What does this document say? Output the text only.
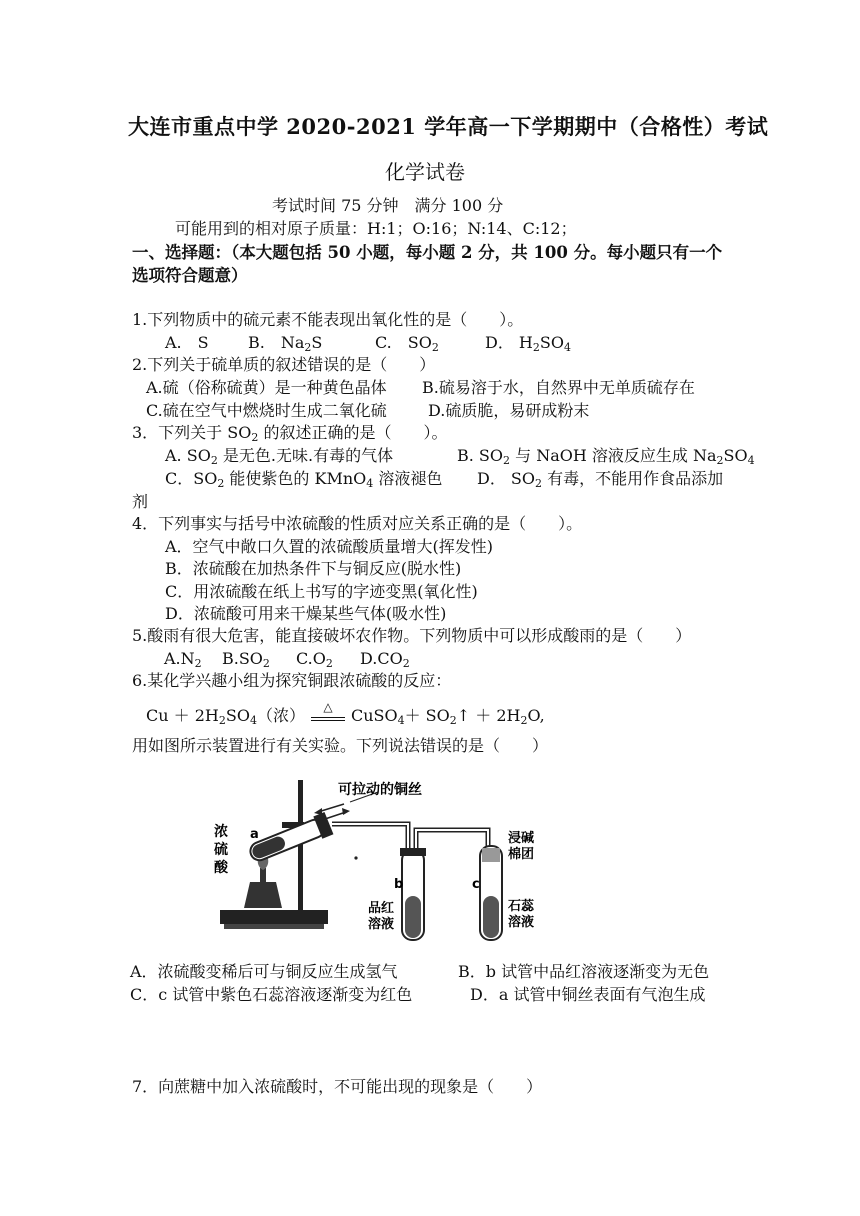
大连市重点中学 2020-2021 学年高一下学期期中（合格性）考试
化学试卷
考试时间 75 分钟　满分 100 分
可能用到的相对原子质量：H:1；O:16；N:14、C:12；
一、选择题：（本大题包括 50 小题，每小题 2 分，共 100 分。每小题只有一个
选项符合题意）
1.下列物质中的硫元素不能表现出氧化性的是（　　）。
A.　S B.　$Na_2S$	C.　$SO_2$	D． $H_2SO_4$
2.下列关于硫单质的叙述错误的是（　　）
A.硫（俗称硫黄）是一种黄色晶体 B.硫易溶于水，自然界中无单质硫存在
C.硫在空气中燃烧时生成二氧化硫	D.硫质脆，易研成粉末
3．下列关于 $SO_2$ 的叙述正确的是（　　）。
A. $SO_2$ 是无色.无味.有毒的气体	B. $SO_2$ 与 NaOH 溶液反应生成 $Na_2SO_4$
C．$SO_2$ 能使紫色的 KMnO$_4$ 溶液褪色 D． $SO_2$ 有毒，不能用作食品添加
剂
4．下列事实与括号中浓硫酸的性质对应关系正确的是（　　）。
A．空气中敞口久置的浓硫酸质量增大(挥发性)
B．浓硫酸在加热条件下与铜反应(脱水性)
C．用浓硫酸在纸上书写的字迹变黑(氧化性)
D．浓硫酸可用来干燥某些气体(吸水性)
5.酸雨有很大危害，能直接破坏农作物。下列物质中可以形成酸雨的是（　　）
$A.N_2$ $B.SO_2$ $C.O_2$ $D.CO_2$
6.某化学兴趣小组为探究铜跟浓硫酸的反应：
$Cu + 2H_2SO_4$（浓）	△	CuSO$_4$＋ $SO_2↑ + 2H_2O$,
用如图所示装置进行有关实验。下列说法错误的是（　　）
可拉动的铜丝
浓
硫
酸
a
b	c
品红
溶液
浸碱
棉团
石蕊
溶液
A．浓硫酸变稀后可与铜反应生成氢气	B．b 试管中品红溶液逐渐变为无色
C．c 试管中紫色石蕊溶液逐渐变为红色	D．a 试管中铜丝表面有气泡生成
7．向蔗糖中加入浓硫酸时，不可能出现的现象是（　　）
